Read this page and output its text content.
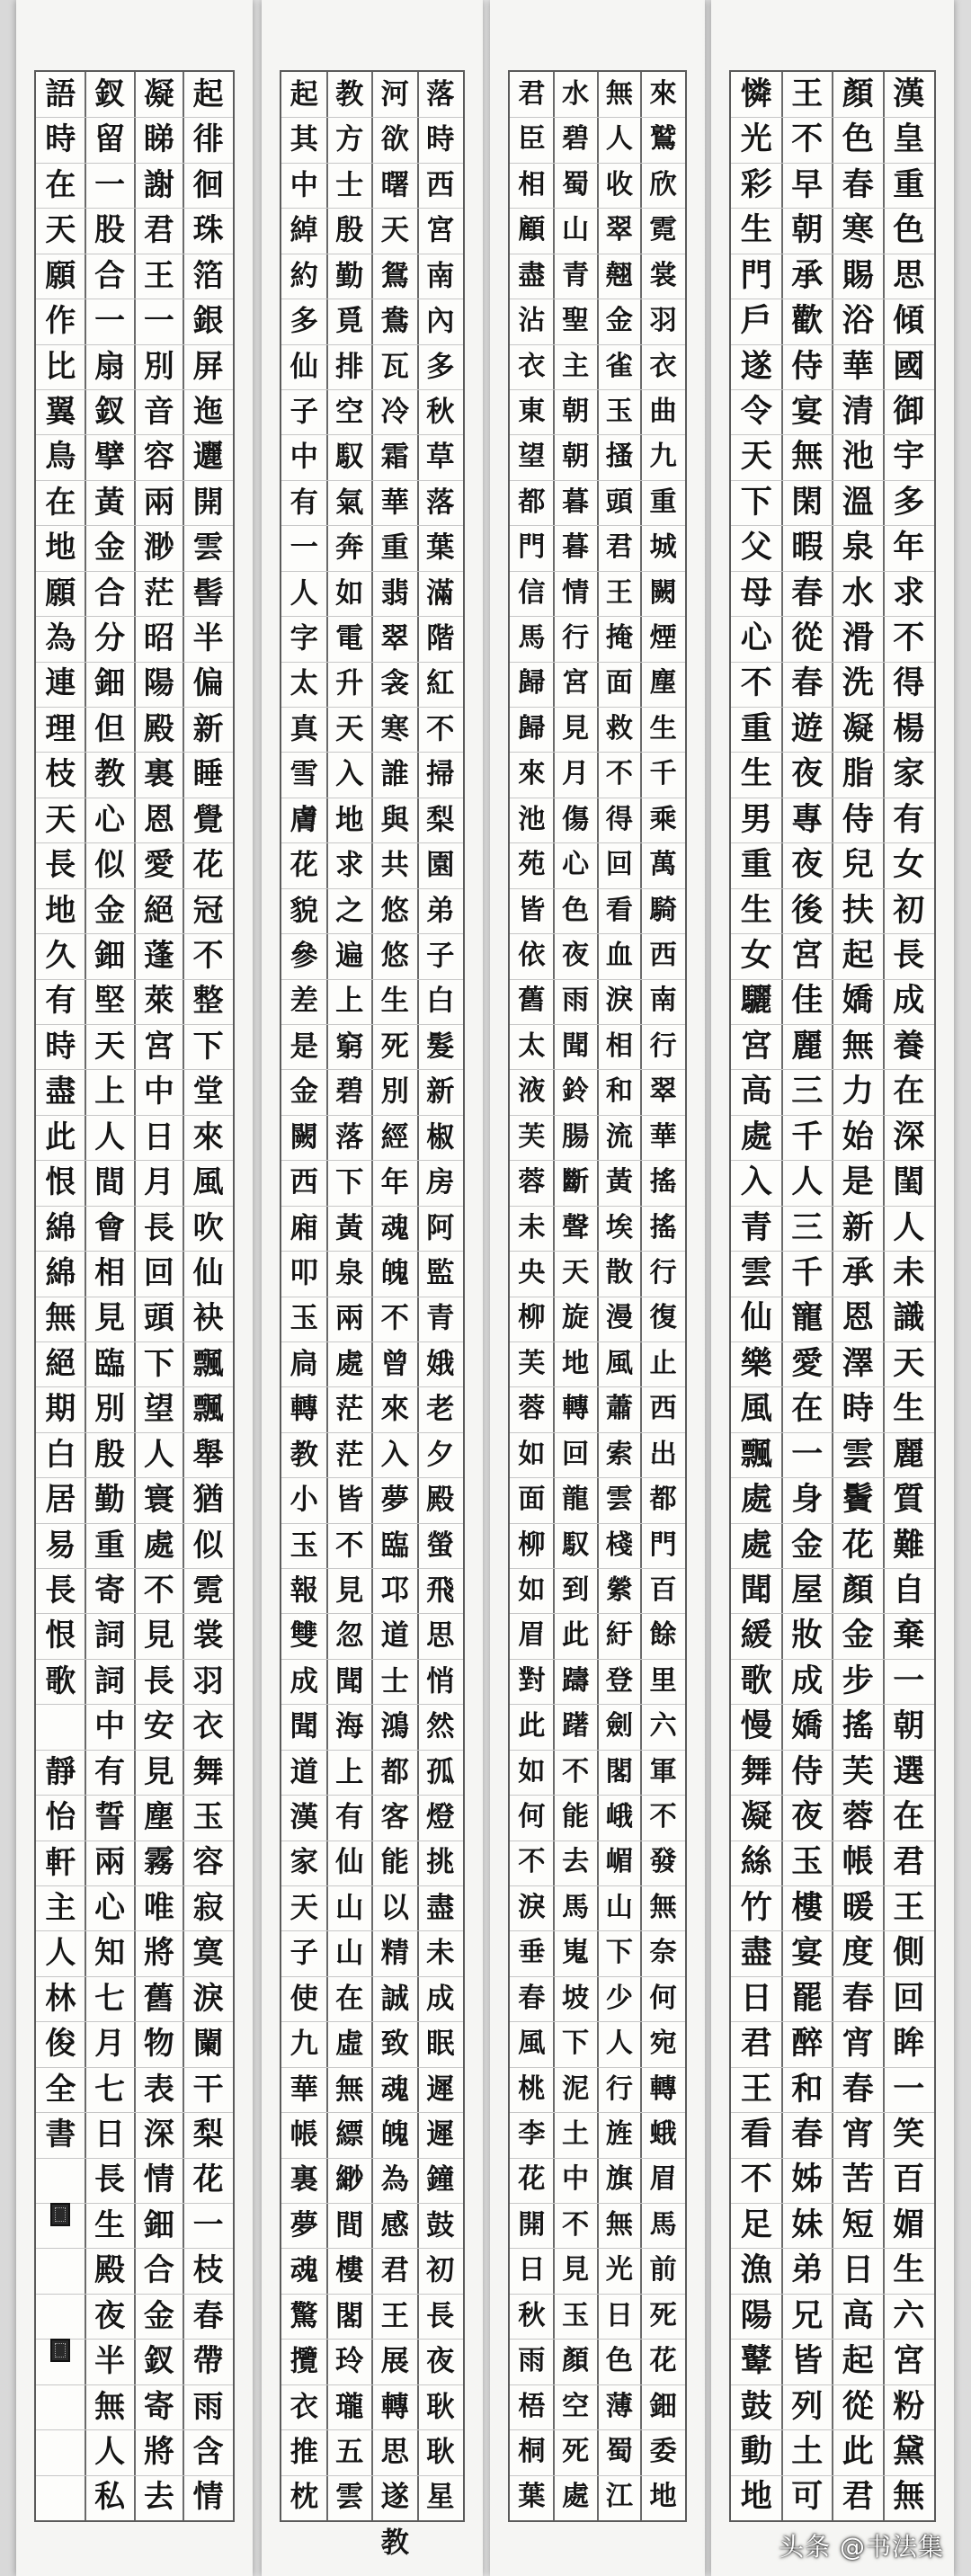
起
徘
徊
珠
箔
銀
屏
迤
邐
開
雲
髻
半
偏
新
睡
覺
花
冠
不
整
下
堂
來
風
吹
仙
袂
飄
飄
舉
猶
似
霓
裳
羽
衣
舞
玉
容
寂
寞
淚
闌
干
梨
花
一
枝
春
帶
雨
含
情
凝
睇
謝
君
王
一
別
音
容
兩
渺
茫
昭
陽
殿
裏
恩
愛
絕
蓬
萊
宮
中
日
月
長
回
頭
下
望
人
寰
處
不
見
長
安
見
塵
霧
唯
將
舊
物
表
深
情
鈿
合
金
釵
寄
將
去
釵
留
一
股
合
一
扇
釵
擘
黃
金
合
分
鈿
但
教
心
似
金
鈿
堅
天
上
人
間
會
相
見
臨
別
殷
勤
重
寄
詞
詞
中
有
誓
兩
心
知
七
月
七
日
長
生
殿
夜
半
無
人
私
語
時
在
天
願
作
比
翼
鳥
在
地
願
為
連
理
枝
天
長
地
久
有
時
盡
此
恨
綿
綿
無
絕
期
白
居
易
長
恨
歌
靜
怡
軒
主
人
林
俊
全
書
落
時
西
宮
南
內
多
秋
草
落
葉
滿
階
紅
不
掃
梨
園
弟
子
白
髮
新
椒
房
阿
監
青
娥
老
夕
殿
螢
飛
思
悄
然
孤
燈
挑
盡
未
成
眠
遲
遲
鐘
鼓
初
長
夜
耿
耿
星
河
欲
曙
天
鴛
鴦
瓦
冷
霜
華
重
翡
翠
衾
寒
誰
與
共
悠
悠
生
死
別
經
年
魂
魄
不
曾
來
入
夢
臨
邛
道
士
鴻
都
客
能
以
精
誠
致
魂
魄
為
感
君
王
展
轉
思
遂
教
教
方
士
殷
勤
覓
排
空
馭
氣
奔
如
電
升
天
入
地
求
之
遍
上
窮
碧
落
下
黃
泉
兩
處
茫
茫
皆
不
見
忽
聞
海
上
有
仙
山
山
在
虛
無
縹
緲
間
樓
閣
玲
瓏
五
雲
起
其
中
綽
約
多
仙
子
中
有
一
人
字
太
真
雪
膚
花
貌
參
差
是
金
闕
西
廂
叩
玉
扃
轉
教
小
玉
報
雙
成
聞
道
漢
家
天
子
使
九
華
帳
裏
夢
魂
驚
攬
衣
推
枕
來
鷲
欣
霓
裳
羽
衣
曲
九
重
城
闕
煙
塵
生
千
乘
萬
騎
西
南
行
翠
華
搖
搖
行
復
止
西
出
都
門
百
餘
里
六
軍
不
發
無
奈
何
宛
轉
蛾
眉
馬
前
死
花
鈿
委
地
無
人
收
翠
翹
金
雀
玉
搔
頭
君
王
掩
面
救
不
得
回
看
血
淚
相
和
流
黃
埃
散
漫
風
蕭
索
雲
棧
縈
紆
登
劍
閣
峨
嵋
山
下
少
人
行
旌
旗
無
光
日
色
薄
蜀
江
水
碧
蜀
山
青
聖
主
朝
朝
暮
暮
情
行
宮
見
月
傷
心
色
夜
雨
聞
鈴
腸
斷
聲
天
旋
地
轉
回
龍
馭
到
此
躊
躇
不
能
去
馬
嵬
坡
下
泥
土
中
不
見
玉
顏
空
死
處
君
臣
相
顧
盡
沾
衣
東
望
都
門
信
馬
歸
歸
來
池
苑
皆
依
舊
太
液
芙
蓉
未
央
柳
芙
蓉
如
面
柳
如
眉
對
此
如
何
不
淚
垂
春
風
桃
李
花
開
日
秋
雨
梧
桐
葉
漢
皇
重
色
思
傾
國
御
宇
多
年
求
不
得
楊
家
有
女
初
長
成
養
在
深
閨
人
未
識
天
生
麗
質
難
自
棄
一
朝
選
在
君
王
側
回
眸
一
笑
百
媚
生
六
宮
粉
黛
無
顏
色
春
寒
賜
浴
華
清
池
溫
泉
水
滑
洗
凝
脂
侍
兒
扶
起
嬌
無
力
始
是
新
承
恩
澤
時
雲
鬢
花
顏
金
步
搖
芙
蓉
帳
暖
度
春
宵
春
宵
苦
短
日
高
起
從
此
君
王
不
早
朝
承
歡
侍
宴
無
閑
暇
春
從
春
遊
夜
專
夜
後
宮
佳
麗
三
千
人
三
千
寵
愛
在
一
身
金
屋
妝
成
嬌
侍
夜
玉
樓
宴
罷
醉
和
春
姊
妹
弟
兄
皆
列
土
可
憐
光
彩
生
門
戶
遂
令
天
下
父
母
心
不
重
生
男
重
生
女
驪
宮
高
處
入
青
雲
仙
樂
風
飄
處
處
聞
緩
歌
慢
舞
凝
絲
竹
盡
日
君
王
看
不
足
漁
陽
鼙
鼓
動
地
头条 @书法集
